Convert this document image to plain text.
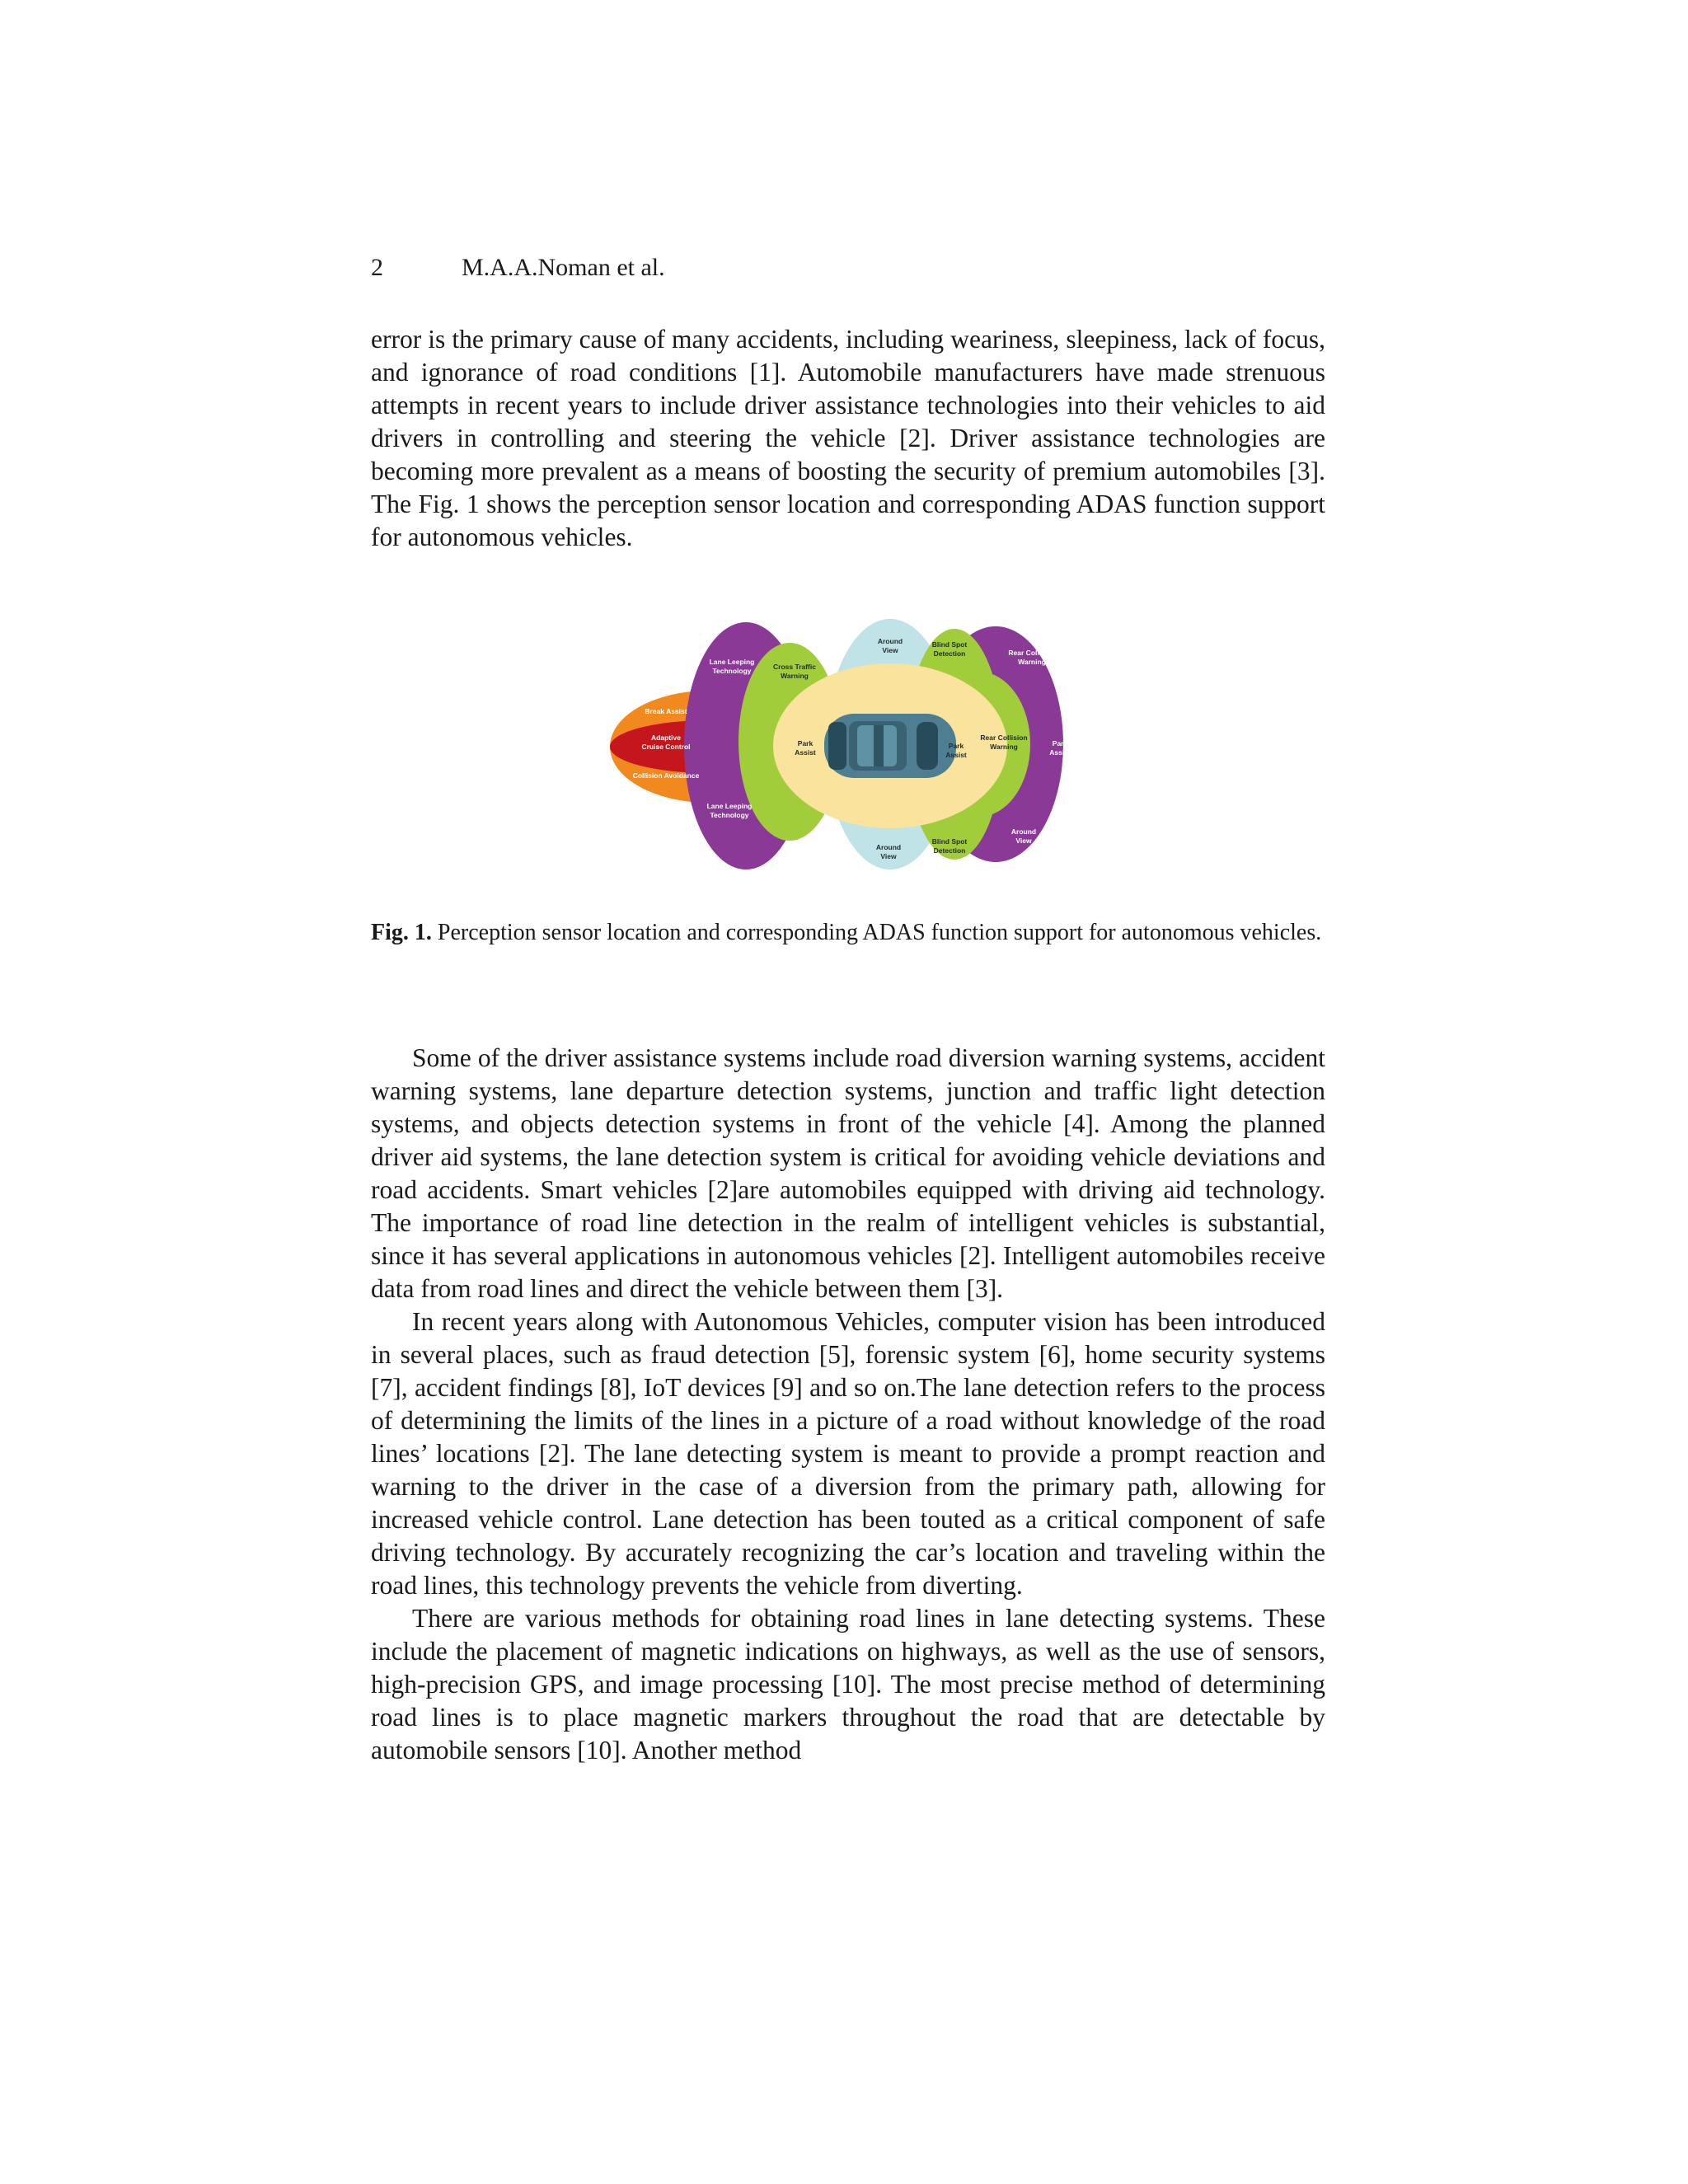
2	M.A.A.Noman et al.

error is the primary cause of many accidents, including weariness, sleepiness, lack of focus, and ignorance of road conditions [1]. Automobile manufacturers have made strenuous attempts in recent years to include driver assistance technologies into their vehicles to aid drivers in controlling and steering the vehicle [2]. Driver assistance technologies are becoming more prevalent as a means of boosting the security of premium automobiles [3]. The Fig. 1 shows the perception sensor location and corresponding ADAS function support for autonomous vehicles.

Break Assist
Adaptive
Cruise Control
Collision Avoidance
Lane Leeping
Technology
Lane Leeping
Technology
Cross Traffic
Warning
Park
Assist
Around
View
Around
View
Blind Spot
Detection
Blind Spot
Detection
Park
Assist
Rear Collision
Warning
Rear Collision
Warning
Park
Assist
Around
View
Fig. 1. Perception sensor location and corresponding ADAS function support for autonomous vehicles.

Some of the driver assistance systems include road diversion warning systems, accident warning systems, lane departure detection systems, junction and traffic light detection systems, and objects detection systems in front of the vehicle [4]. Among the planned driver aid systems, the lane detection system is critical for avoiding vehicle deviations and road accidents. Smart vehicles [2]are automobiles equipped with driving aid technology. The importance of road line detection in the realm of intelligent vehicles is substantial, since it has several applications in autonomous vehicles [2]. Intelligent automobiles receive data from road lines and direct the vehicle between them [3].

In recent years along with Autonomous Vehicles, computer vision has been introduced in several places, such as fraud detection [5], forensic system [6], home security systems [7], accident findings [8], IoT devices [9] and so on.The lane detection refers to the process of determining the limits of the lines in a picture of a road without knowledge of the road lines’ locations [2]. The lane detecting system is meant to provide a prompt reaction and warning to the driver in the case of a diversion from the primary path, allowing for increased vehicle control. Lane detection has been touted as a critical component of safe driving technology. By accurately recognizing the car’s location and traveling within the road lines, this technology prevents the vehicle from diverting.

There are various methods for obtaining road lines in lane detecting systems. These include the placement of magnetic indications on highways, as well as the use of sensors, high-precision GPS, and image processing [10]. The most precise method of determining road lines is to place magnetic markers throughout the road that are detectable by automobile sensors [10]. Another method
